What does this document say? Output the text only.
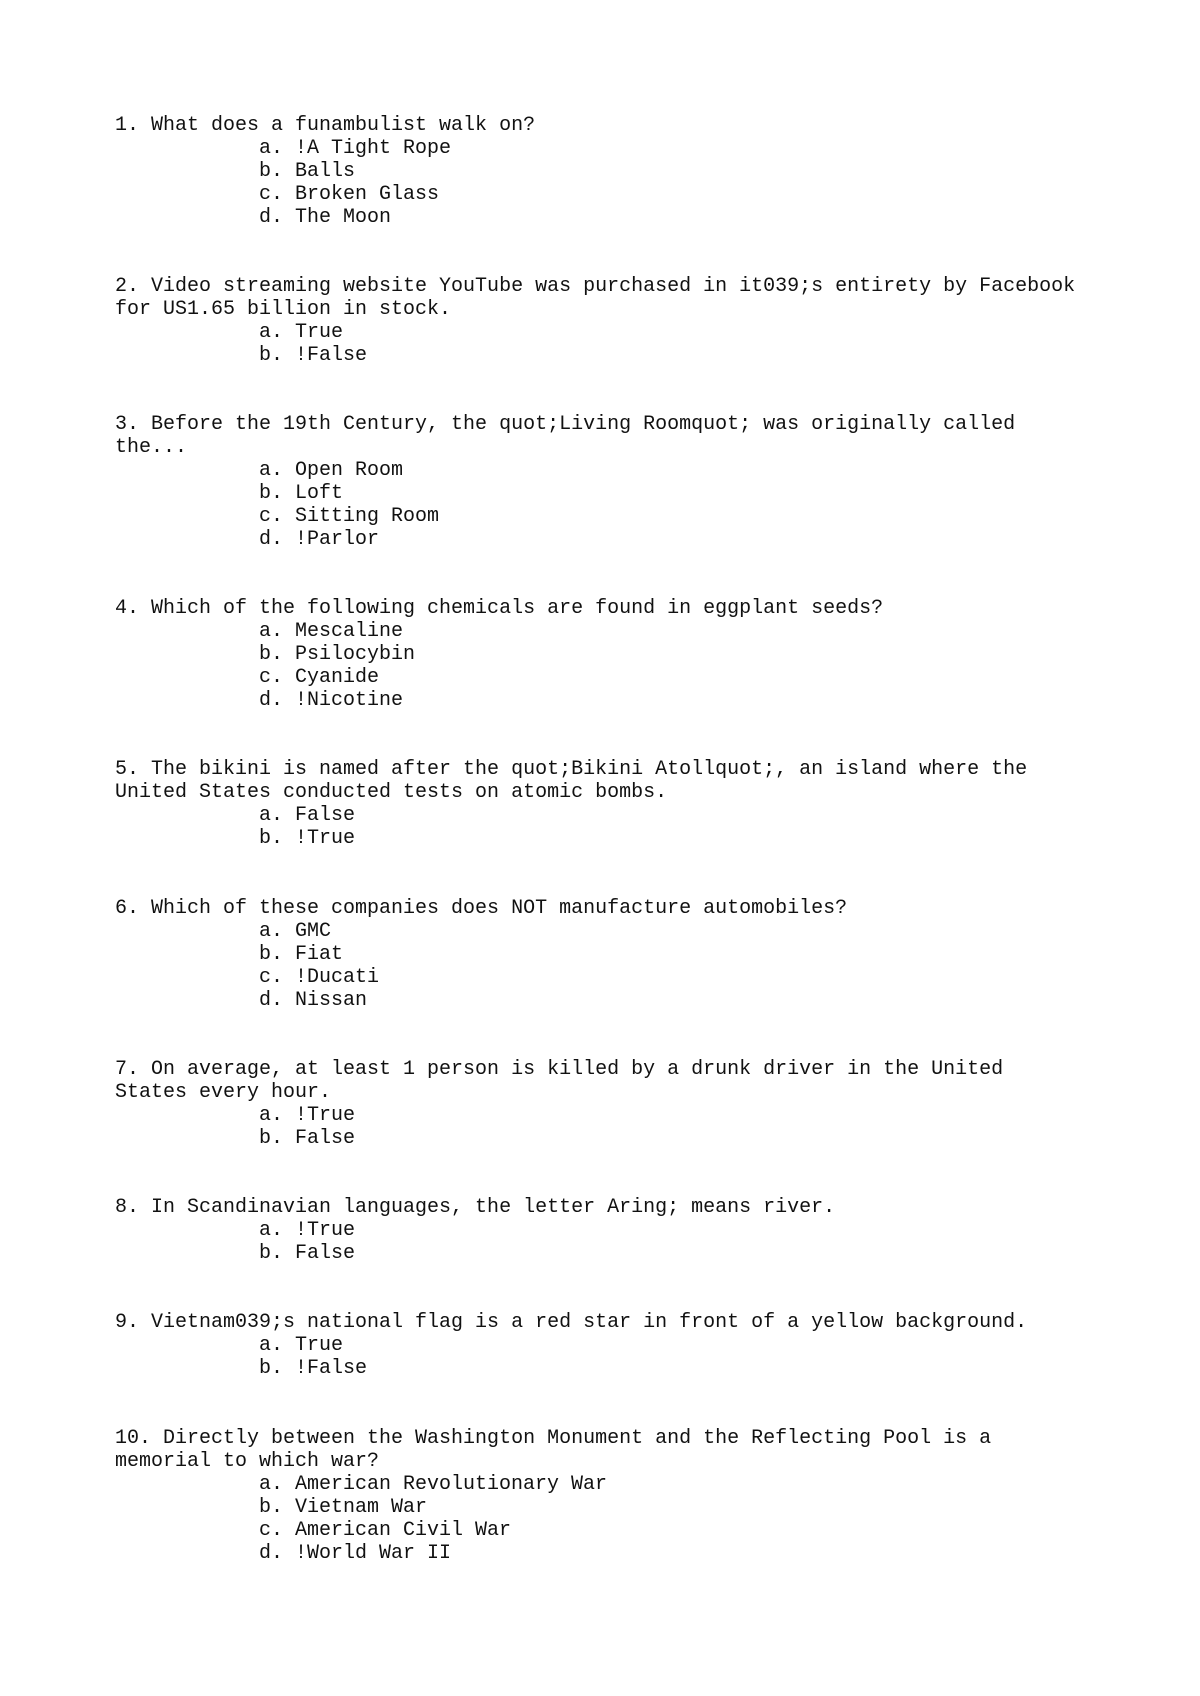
1. What does a funambulist walk on?

a. !A Tight Rope
b. Balls
c. Broken Glass
d. The Moon

2. Video streaming website YouTube was purchased in it039;s entirety by Facebook
for US1.65 billion in stock.

a. True
b. !False

3. Before the 19th Century, the quot;Living Roomquot; was originally called
the...

a. Open Room
b. Loft
c. Sitting Room
d. !Parlor

4. Which of the following chemicals are found in eggplant seeds?

a. Mescaline
b. Psilocybin
c. Cyanide
d. !Nicotine

5. The bikini is named after the quot;Bikini Atollquot;, an island where the
United States conducted tests on atomic bombs.

a. False
b. !True

6. Which of these companies does NOT manufacture automobiles?

a. GMC
b. Fiat
c. !Ducati
d. Nissan

7. On average, at least 1 person is killed by a drunk driver in the United
States every hour.

a. !True
b. False

8. In Scandinavian languages, the letter Aring; means river.

a. !True
b. False

9. Vietnam039;s national flag is a red star in front of a yellow background.

a. True
b. !False

10. Directly between the Washington Monument and the Reflecting Pool is a
memorial to which war?

a. American Revolutionary War
b. Vietnam War
c. American Civil War
d. !World War II
